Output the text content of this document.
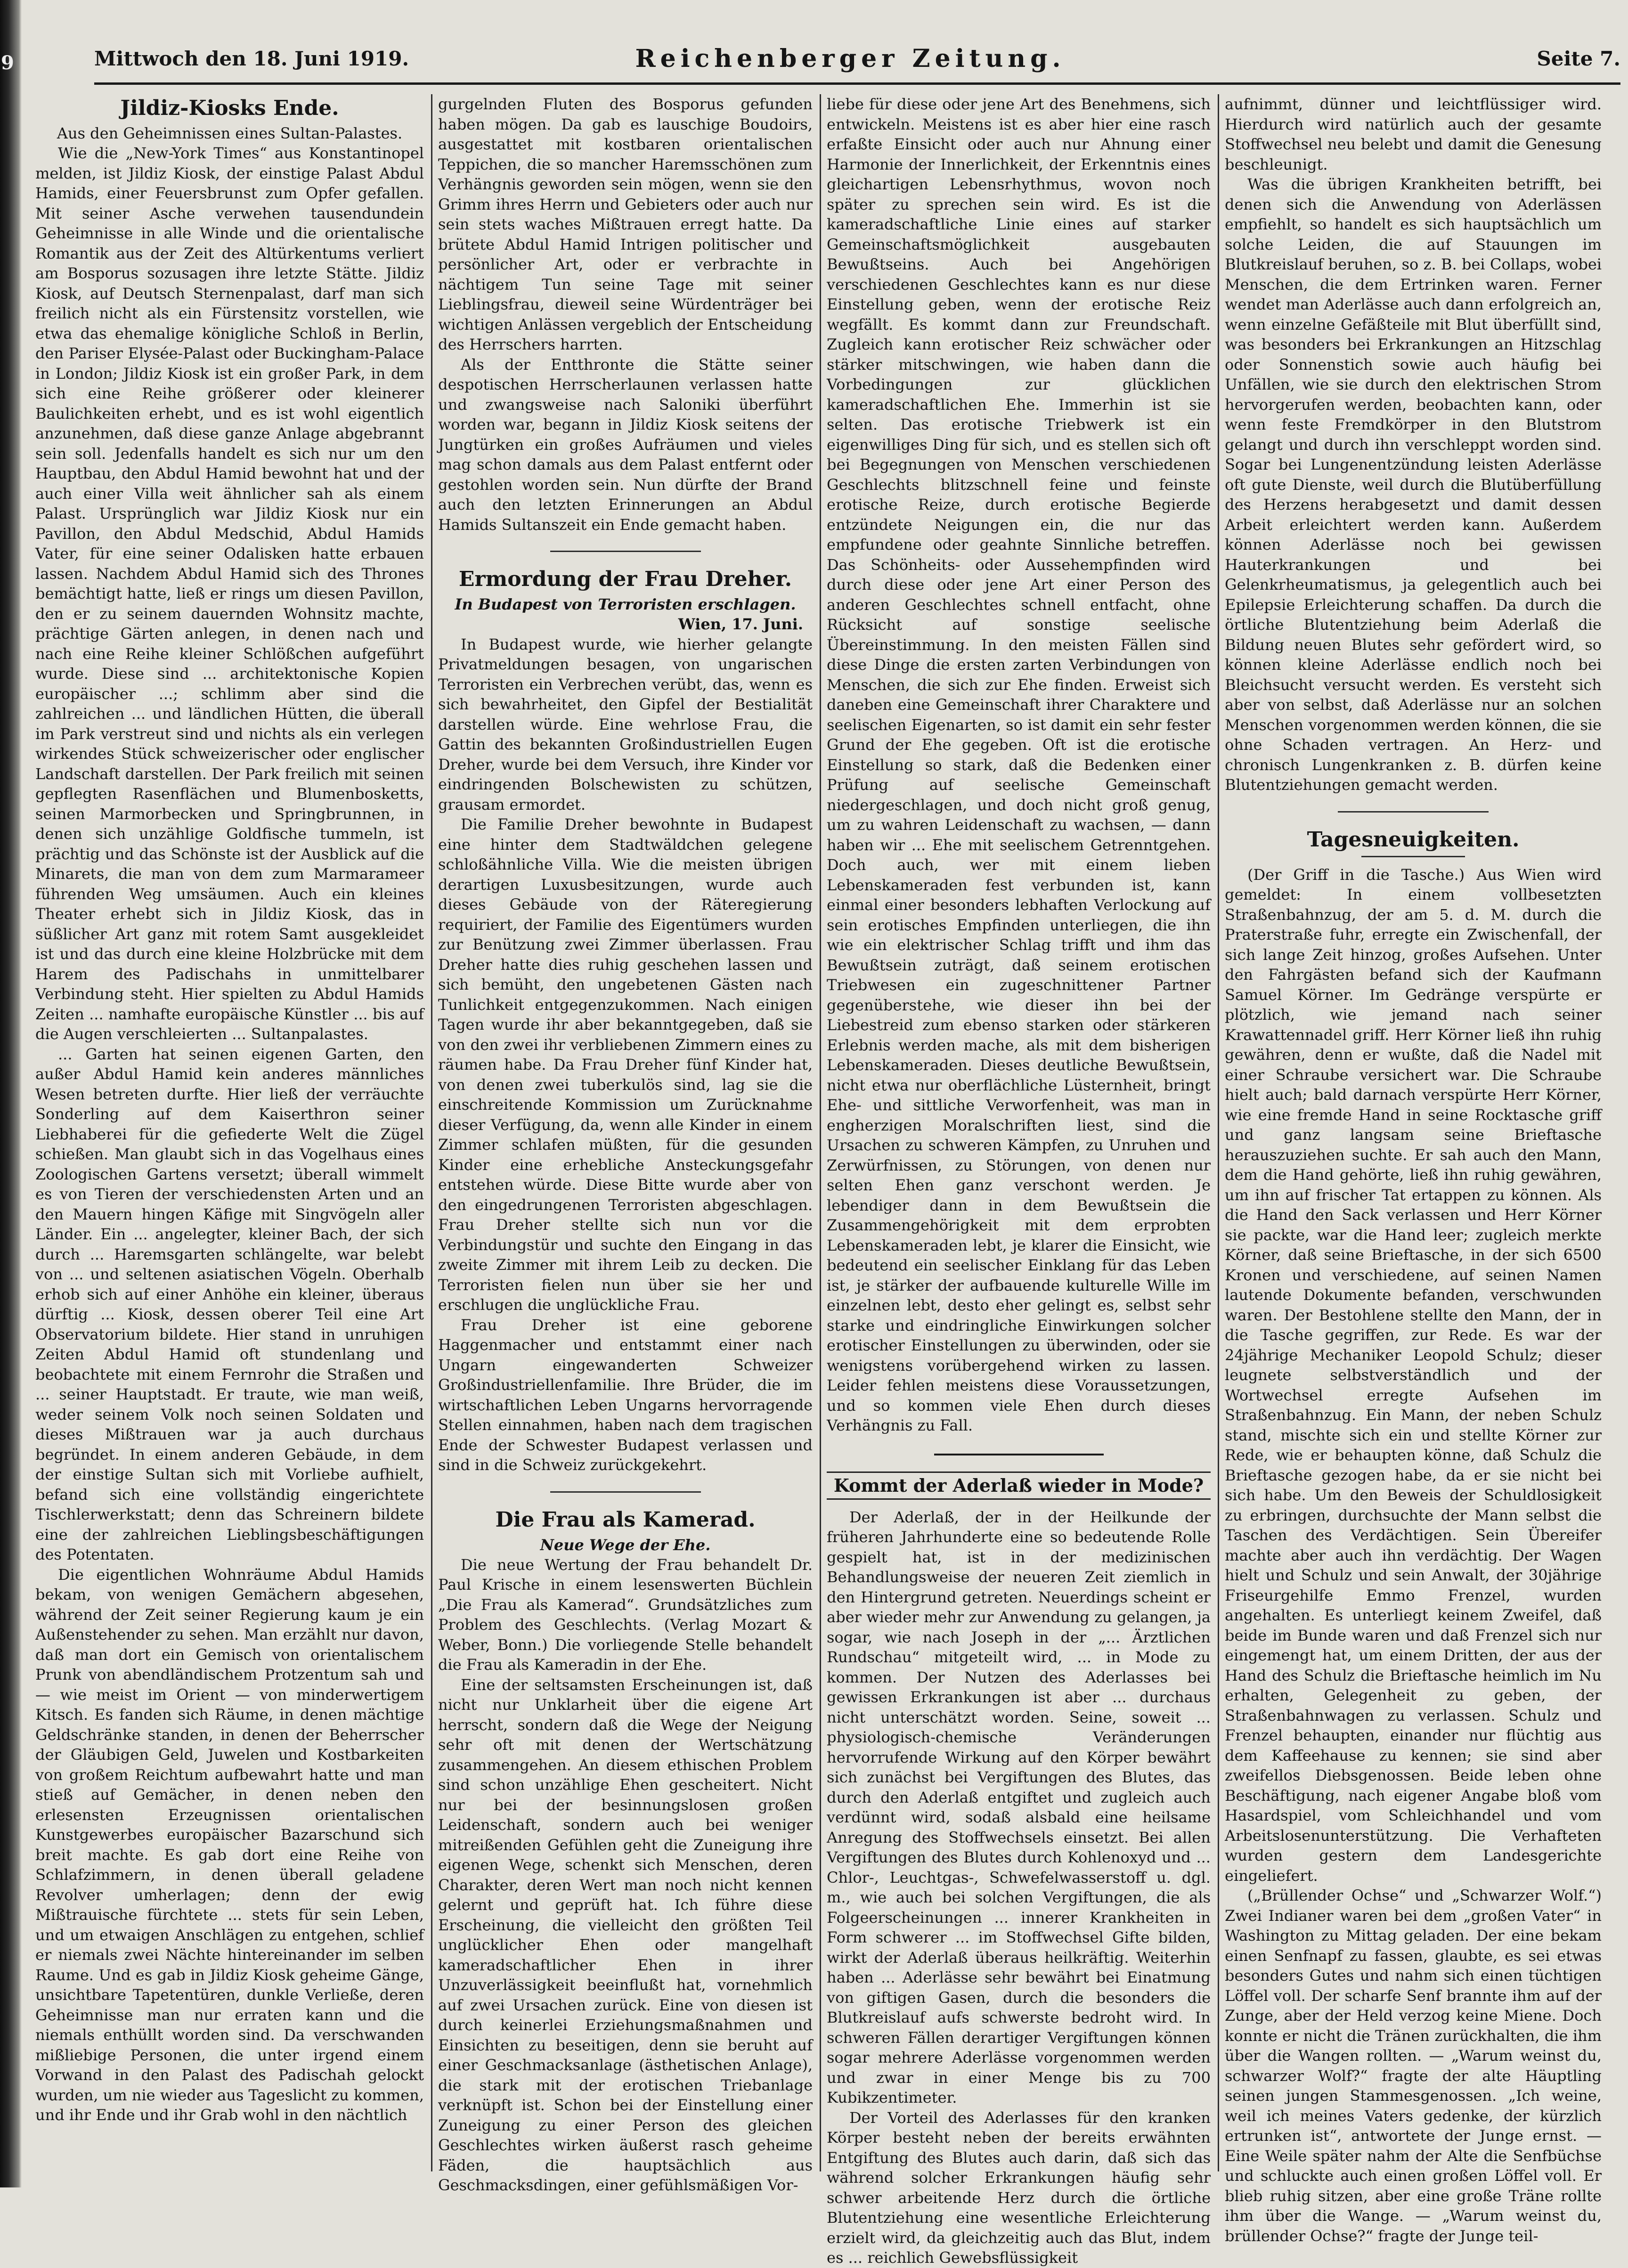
9	Mittwoch den 18. Juni 1919.	Reichenberger Zeitung.	Seite 7.
Jildiz-Kiosks Ende.
Aus den Geheimnissen eines Sultan-Palastes.

Wie die „New-York Times“ aus Konstantinopel melden, ist Jildiz Kiosk, der einstige Palast Abdul Hamids, einer Feuersbrunst zum Opfer gefallen. Mit seiner Asche verwehen tausendundein Geheimnisse in alle Winde und die orientalische Romantik aus der Zeit des Altürkentums verliert am Bosporus sozusagen ihre letzte Stätte. Jildiz Kiosk, auf Deutsch Sternenpalast, darf man sich freilich nicht als ein Fürstensitz vorstellen, wie etwa das ehemalige königliche Schloß in Berlin, den Pariser Elysée-Palast oder Buckingham-Palace in London; Jildiz Kiosk ist ein großer Park, in dem sich eine Reihe größerer oder kleinerer Baulichkeiten erhebt, und es ist wohl eigentlich anzunehmen, daß diese ganze Anlage abgebrannt sein soll. Jedenfalls handelt es sich nur um den Hauptbau, den Abdul Hamid bewohnt hat und der auch einer Villa weit ähnlicher sah als einem Palast. Ursprünglich war Jildiz Kiosk nur ein Pavillon, den Abdul Medschid, Abdul Hamids Vater, für eine seiner Odalisken hatte erbauen lassen. Nachdem Abdul Hamid sich des Thrones bemächtigt hatte, ließ er rings um diesen Pavillon, den er zu seinem dauernden Wohnsitz machte, prächtige Gärten anlegen, in denen nach und nach eine Reihe kleiner Schlößchen aufgeführt wurde. Diese sind ... architektonische Kopien europäischer ...; schlimm aber sind die zahlreichen ... und ländlichen Hütten, die überall im Park verstreut sind und nichts als ein verlegen wirkendes Stück schweizerischer oder englischer Landschaft darstellen. Der Park freilich mit seinen gepflegten Rasenflächen und Blumenbosketts, seinen Marmorbecken und Springbrunnen, in denen sich unzählige Goldfische tummeln, ist prächtig und das Schönste ist der Ausblick auf die Minarets, die man von dem zum Marmarameer führenden Weg umsäumen. Auch ein kleines Theater erhebt sich in Jildiz Kiosk, das in süßlicher Art ganz mit rotem Samt ausgekleidet ist und das durch eine kleine Holzbrücke mit dem Harem des Padischahs in unmittelbarer Verbindung steht. Hier spielten zu Abdul Hamids Zeiten ... namhafte europäische Künstler ... bis auf die Augen verschleierten ... Sultanpalastes.

... Garten hat seinen eigenen Garten, den außer Abdul Hamid kein anderes männliches Wesen betreten durfte. Hier ließ der verräuchte Sonderling auf dem Kaiserthron seiner Liebhaberei für die gefiederte Welt die Zügel schießen. Man glaubt sich in das Vogelhaus eines Zoologischen Gartens versetzt; überall wimmelt es von Tieren der verschiedensten Arten und an den Mauern hingen Käfige mit Singvögeln aller Länder. Ein ... angelegter, kleiner Bach, der sich durch ... Haremsgarten schlängelte, war belebt von ... und seltenen asiatischen Vögeln. Oberhalb erhob sich auf einer Anhöhe ein kleiner, überaus dürftig ... Kiosk, dessen oberer Teil eine Art Observatorium bildete. Hier stand in unruhigen Zeiten Abdul Hamid oft stundenlang und beobachtete mit einem Fernrohr die Straßen und ... seiner Hauptstadt. Er traute, wie man weiß, weder seinem Volk noch seinen Soldaten und dieses Mißtrauen war ja auch durchaus begründet. In einem anderen Gebäude, in dem der einstige Sultan sich mit Vorliebe aufhielt, befand sich eine vollständig eingerichtete Tischlerwerkstatt; denn das Schreinern bildete eine der zahlreichen Lieblingsbeschäftigungen des Potentaten.

Die eigentlichen Wohnräume Abdul Hamids bekam, von wenigen Gemächern abgesehen, während der Zeit seiner Regierung kaum je ein Außenstehender zu sehen. Man erzählt nur davon, daß man dort ein Gemisch von orientalischem Prunk von abendländischem Protzentum sah und — wie meist im Orient — von minderwertigem Kitsch. Es fanden sich Räume, in denen mächtige Geldschränke standen, in denen der Beherrscher der Gläubigen Geld, Juwelen und Kostbarkeiten von großem Reichtum aufbewahrt hatte und man stieß auf Gemächer, in denen neben den erlesensten Erzeugnissen orientalischen Kunstgewerbes europäischer Bazarschund sich breit machte. Es gab dort eine Reihe von Schlafzimmern, in denen überall geladene Revolver umherlagen; denn der ewig Mißtrauische fürchtete ... stets für sein Leben, und um etwaigen Anschlägen zu entgehen, schlief er niemals zwei Nächte hintereinander im selben Raume. Und es gab in Jildiz Kiosk geheime Gänge, unsichtbare Tapetentüren, dunkle Verließe, deren Geheimnisse man nur erraten kann und die niemals enthüllt worden sind. Da verschwanden mißliebige Personen, die unter irgend einem Vorwand in den Palast des Padischah gelockt wurden, um nie wieder aus Tageslicht zu kommen, und ihr Ende und ihr Grab wohl in den nächtlich

gurgelnden Fluten des Bosporus gefunden haben mögen. Da gab es lauschige Boudoirs, ausgestattet mit kostbaren orientalischen Teppichen, die so mancher Haremsschönen zum Verhängnis geworden sein mögen, wenn sie den Grimm ihres Herrn und Gebieters oder auch nur sein stets waches Mißtrauen erregt hatte. Da brütete Abdul Hamid Intrigen politischer und persönlicher Art, oder er verbrachte in nächtigem Tun seine Tage mit seiner Lieblingsfrau, dieweil seine Würdenträger bei wichtigen Anlässen vergeblich der Entscheidung des Herrschers harrten.

Als der Entthronte die Stätte seiner despotischen Herrscherlaunen verlassen hatte und zwangsweise nach Saloniki überführt worden war, begann in Jildiz Kiosk seitens der Jungtürken ein großes Aufräumen und vieles mag schon damals aus dem Palast entfernt oder gestohlen worden sein. Nun dürfte der Brand auch den letzten Erinnerungen an Abdul Hamids Sultanszeit ein Ende gemacht haben.

Ermordung der Frau Dreher.
In Budapest von Terroristen erschlagen.
Wien, 17. Juni.

In Budapest wurde, wie hierher gelangte Privatmeldungen besagen, von ungarischen Terroristen ein Verbrechen verübt, das, wenn es sich bewahrheitet, den Gipfel der Bestialität darstellen würde. Eine wehrlose Frau, die Gattin des bekannten Großindustriellen Eugen Dreher, wurde bei dem Versuch, ihre Kinder vor eindringenden Bolschewisten zu schützen, grausam ermordet.

Die Familie Dreher bewohnte in Budapest eine hinter dem Stadtwäldchen gelegene schloßähnliche Villa. Wie die meisten übrigen derartigen Luxusbesitzungen, wurde auch dieses Gebäude von der Räteregierung requiriert, der Familie des Eigentümers wurden zur Benützung zwei Zimmer überlassen. Frau Dreher hatte dies ruhig geschehen lassen und sich bemüht, den ungebetenen Gästen nach Tunlichkeit entgegenzukommen. Nach einigen Tagen wurde ihr aber bekanntgegeben, daß sie von den zwei ihr verbliebenen Zimmern eines zu räumen habe. Da Frau Dreher fünf Kinder hat, von denen zwei tuberkulös sind, lag sie die einschreitende Kommission um Zurücknahme dieser Verfügung, da, wenn alle Kinder in einem Zimmer schlafen müßten, für die gesunden Kinder eine erhebliche Ansteckungsgefahr entstehen würde. Diese Bitte wurde aber von den eingedrungenen Terroristen abgeschlagen. Frau Dreher stellte sich nun vor die Verbindungstür und suchte den Eingang in das zweite Zimmer mit ihrem Leib zu decken. Die Terroristen fielen nun über sie her und erschlugen die unglückliche Frau.

Frau Dreher ist eine geborene Haggenmacher und entstammt einer nach Ungarn eingewanderten Schweizer Großindustriellenfamilie. Ihre Brüder, die im wirtschaftlichen Leben Ungarns hervorragende Stellen einnahmen, haben nach dem tragischen Ende der Schwester Budapest verlassen und sind in die Schweiz zurückgekehrt.

Die Frau als Kamerad.
Neue Wege der Ehe.

Die neue Wertung der Frau behandelt Dr. Paul Krische in einem lesenswerten Büchlein „Die Frau als Kamerad“. Grundsätzliches zum Problem des Geschlechts. (Verlag Mozart & Weber, Bonn.) Die vorliegende Stelle behandelt die Frau als Kameradin in der Ehe.

Eine der seltsamsten Erscheinungen ist, daß nicht nur Unklarheit über die eigene Art herrscht, sondern daß die Wege der Neigung sehr oft mit denen der Wertschätzung zusammengehen. An diesem ethischen Problem sind schon unzählige Ehen gescheitert. Nicht nur bei der besinnungslosen großen Leidenschaft, sondern auch bei weniger mitreißenden Gefühlen geht die Zuneigung ihre eigenen Wege, schenkt sich Menschen, deren Charakter, deren Wert man noch nicht kennen gelernt und geprüft hat. Ich führe diese Erscheinung, die vielleicht den größten Teil unglücklicher Ehen oder mangelhaft kameradschaftlicher Ehen in ihrer Unzuverlässigkeit beeinflußt hat, vornehmlich auf zwei Ursachen zurück. Eine von diesen ist durch keinerlei Erziehungsmaßnahmen und Einsichten zu beseitigen, denn sie beruht auf einer Geschmacksanlage (ästhetischen Anlage), die stark mit der erotischen Triebanlage verknüpft ist. Schon bei der Einstellung einer Zuneigung zu einer Person des gleichen Geschlechtes wirken äußerst rasch geheime Fäden, die hauptsächlich aus Geschmacksdingen, einer gefühlsmäßigen Vor-

liebe für diese oder jene Art des Benehmens, sich entwickeln. Meistens ist es aber hier eine rasch erfaßte Einsicht oder auch nur Ahnung einer Harmonie der Innerlichkeit, der Erkenntnis eines gleichartigen Lebensrhythmus, wovon noch später zu sprechen sein wird. Es ist die kameradschaftliche Linie eines auf starker Gemeinschaftsmöglichkeit ausgebauten Bewußtseins. Auch bei Angehörigen verschiedenen Geschlechtes kann es nur diese Einstellung geben, wenn der erotische Reiz wegfällt. Es kommt dann zur Freundschaft. Zugleich kann erotischer Reiz schwächer oder stärker mitschwingen, wie haben dann die Vorbedingungen zur glücklichen kameradschaftlichen Ehe. Immerhin ist sie selten. Das erotische Triebwerk ist ein eigenwilliges Ding für sich, und es stellen sich oft bei Begegnungen von Menschen verschiedenen Geschlechts blitzschnell feine und feinste erotische Reize, durch erotische Begierde entzündete Neigungen ein, die nur das empfundene oder geahnte Sinnliche betreffen. Das Schönheits- oder Aussehempfinden wird durch diese oder jene Art einer Person des anderen Geschlechtes schnell entfacht, ohne Rücksicht auf sonstige seelische Übereinstimmung. In den meisten Fällen sind diese Dinge die ersten zarten Verbindungen von Menschen, die sich zur Ehe finden. Erweist sich daneben eine Gemeinschaft ihrer Charaktere und seelischen Eigenarten, so ist damit ein sehr fester Grund der Ehe gegeben. Oft ist die erotische Einstellung so stark, daß die Bedenken einer Prüfung auf seelische Gemeinschaft niedergeschlagen, und doch nicht groß genug, um zu wahren Leidenschaft zu wachsen, — dann haben wir ... Ehe mit seelischem Getrenntgehen. Doch auch, wer mit einem lieben Lebenskameraden fest verbunden ist, kann einmal einer besonders lebhaften Verlockung auf sein erotisches Empfinden unterliegen, die ihn wie ein elektrischer Schlag trifft und ihm das Bewußtsein zuträgt, daß seinem erotischen Triebwesen ein zugeschnittener Partner gegenüberstehe, wie dieser ihn bei der Liebestreid zum ebenso starken oder stärkeren Erlebnis werden mache, als mit dem bisherigen Lebenskameraden. Dieses deutliche Bewußtsein, nicht etwa nur oberflächliche Lüsternheit, bringt Ehe- und sittliche Verworfenheit, was man in engherzigen Moralschriften liest, sind die Ursachen zu schweren Kämpfen, zu Unruhen und Zerwürfnissen, zu Störungen, von denen nur selten Ehen ganz verschont werden. Je lebendiger dann in dem Bewußtsein die Zusammengehörigkeit mit dem erprobten Lebenskameraden lebt, je klarer die Einsicht, wie bedeutend ein seelischer Einklang für das Leben ist, je stärker der aufbauende kulturelle Wille im einzelnen lebt, desto eher gelingt es, selbst sehr starke und eindringliche Einwirkungen solcher erotischer Einstellungen zu überwinden, oder sie wenigstens vorübergehend wirken zu lassen. Leider fehlen meistens diese Voraussetzungen, und so kommen viele Ehen durch dieses Verhängnis zu Fall.

Kommt der Aderlaß wieder in Mode?

Der Aderlaß, der in der Heilkunde der früheren Jahrhunderte eine so bedeutende Rolle gespielt hat, ist in der medizinischen Behandlungsweise der neueren Zeit ziemlich in den Hintergrund getreten. Neuerdings scheint er aber wieder mehr zur Anwendung zu gelangen, ja sogar, wie nach Joseph in der „... Ärztlichen Rundschau“ mitgeteilt wird, ... in Mode zu kommen. Der Nutzen des Aderlasses bei gewissen Erkrankungen ist aber ... durchaus nicht unterschätzt worden. Seine, soweit ... physiologisch-chemische Veränderungen hervorrufende Wirkung auf den Körper bewährt sich zunächst bei Vergiftungen des Blutes, das durch den Aderlaß entgiftet und zugleich auch verdünnt wird, sodaß alsbald eine heilsame Anregung des Stoffwechsels einsetzt. Bei allen Vergiftungen des Blutes durch Kohlenoxyd und ... Chlor-, Leuchtgas-, Schwefelwasserstoff u. dgl. m., wie auch bei solchen Vergiftungen, die als Folgeerscheinungen ... innerer Krankheiten in Form schwerer ... im Stoffwechsel Gifte bilden, wirkt der Aderlaß überaus heilkräftig. Weiterhin haben ... Aderlässe sehr bewährt bei Einatmung von giftigen Gasen, durch die besonders die Blutkreislauf aufs schwerste bedroht wird. In schweren Fällen derartiger Vergiftungen können sogar mehrere Aderlässe vorgenommen werden und zwar in einer Menge bis zu 700 Kubikzentimeter.

Der Vorteil des Aderlasses für den kranken Körper besteht neben der bereits erwähnten Entgiftung des Blutes auch darin, daß sich das während solcher Erkrankungen häufig sehr schwer arbeitende Herz durch die örtliche Blutentziehung eine wesentliche Erleichterung erzielt wird, da gleichzeitig auch das Blut, indem es ... reichlich Gewebsflüssigkeit

aufnimmt, dünner und leichtflüssiger wird. Hierdurch wird natürlich auch der gesamte Stoffwechsel neu belebt und damit die Genesung beschleunigt.

Was die übrigen Krankheiten betrifft, bei denen sich die Anwendung von Aderlässen empfiehlt, so handelt es sich hauptsächlich um solche Leiden, die auf Stauungen im Blutkreislauf beruhen, so z. B. bei Collaps, wobei Menschen, die dem Ertrinken waren. Ferner wendet man Aderlässe auch dann erfolgreich an, wenn einzelne Gefäßteile mit Blut überfüllt sind, was besonders bei Erkrankungen an Hitzschlag oder Sonnenstich sowie auch häufig bei Unfällen, wie sie durch den elektrischen Strom hervorgerufen werden, beobachten kann, oder wenn feste Fremdkörper in den Blutstrom gelangt und durch ihn verschleppt worden sind. Sogar bei Lungenentzündung leisten Aderlässe oft gute Dienste, weil durch die Blutüberfüllung des Herzens herabgesetzt und damit dessen Arbeit erleichtert werden kann. Außerdem können Aderlässe noch bei gewissen Hauterkrankungen und bei Gelenkrheumatismus, ja gelegentlich auch bei Epilepsie Erleichterung schaffen. Da durch die örtliche Blutentziehung beim Aderlaß die Bildung neuen Blutes sehr gefördert wird, so können kleine Aderlässe endlich noch bei Bleichsucht versucht werden. Es versteht sich aber von selbst, daß Aderlässe nur an solchen Menschen vorgenommen werden können, die sie ohne Schaden vertragen. An Herz- und chronisch Lungenkranken z. B. dürfen keine Blutentziehungen gemacht werden.

Tagesneuigkeiten.

(Der Griff in die Tasche.) Aus Wien wird gemeldet: In einem vollbesetzten Straßenbahnzug, der am 5. d. M. durch die Praterstraße fuhr, erregte ein Zwischenfall, der sich lange Zeit hinzog, großes Aufsehen. Unter den Fahrgästen befand sich der Kaufmann Samuel Körner. Im Gedränge verspürte er plötzlich, wie jemand nach seiner Krawattennadel griff. Herr Körner ließ ihn ruhig gewähren, denn er wußte, daß die Nadel mit einer Schraube versichert war. Die Schraube hielt auch; bald darnach verspürte Herr Körner, wie eine fremde Hand in seine Rocktasche griff und ganz langsam seine Brieftasche herauszuziehen suchte. Er sah auch den Mann, dem die Hand gehörte, ließ ihn ruhig gewähren, um ihn auf frischer Tat ertappen zu können. Als die Hand den Sack verlassen und Herr Körner sie packte, war die Hand leer; zugleich merkte Körner, daß seine Brieftasche, in der sich 6500 Kronen und verschiedene, auf seinen Namen lautende Dokumente befanden, verschwunden waren. Der Bestohlene stellte den Mann, der in die Tasche gegriffen, zur Rede. Es war der 24jährige Mechaniker Leopold Schulz; dieser leugnete selbstverständlich und der Wortwechsel erregte Aufsehen im Straßenbahnzug. Ein Mann, der neben Schulz stand, mischte sich ein und stellte Körner zur Rede, wie er behaupten könne, daß Schulz die Brieftasche gezogen habe, da er sie nicht bei sich habe. Um den Beweis der Schuldlosigkeit zu erbringen, durchsuchte der Mann selbst die Taschen des Verdächtigen. Sein Übereifer machte aber auch ihn verdächtig. Der Wagen hielt und Schulz und sein Anwalt, der 30jährige Friseurgehilfe Emmo Frenzel, wurden angehalten. Es unterliegt keinem Zweifel, daß beide im Bunde waren und daß Frenzel sich nur eingemengt hat, um einem Dritten, der aus der Hand des Schulz die Brieftasche heimlich im Nu erhalten, Gelegenheit zu geben, der Straßenbahnwagen zu verlassen. Schulz und Frenzel behaupten, einander nur flüchtig aus dem Kaffeehause zu kennen; sie sind aber zweifellos Diebsgenossen. Beide leben ohne Beschäftigung, nach eigener Angabe bloß vom Hasardspiel, vom Schleichhandel und vom Arbeitslosenunterstützung. Die Verhafteten wurden gestern dem Landesgerichte eingeliefert.

(„Brüllender Ochse“ und „Schwarzer Wolf.“) Zwei Indianer waren bei dem „großen Vater“ in Washington zu Mittag geladen. Der eine bekam einen Senfnapf zu fassen, glaubte, es sei etwas besonders Gutes und nahm sich einen tüchtigen Löffel voll. Der scharfe Senf brannte ihm auf der Zunge, aber der Held verzog keine Miene. Doch konnte er nicht die Tränen zurückhalten, die ihm über die Wangen rollten. — „Warum weinst du, schwarzer Wolf?“ fragte der alte Häuptling seinen jungen Stammesgenossen. „Ich weine, weil ich meines Vaters gedenke, der kürzlich ertrunken ist“, antwortete der Junge ernst. — Eine Weile später nahm der Alte die Senfbüchse und schluckte auch einen großen Löffel voll. Er blieb ruhig sitzen, aber eine große Träne rollte ihm über die Wange. — „Warum weinst du, brüllender Ochse?“ fragte der Junge teil-
